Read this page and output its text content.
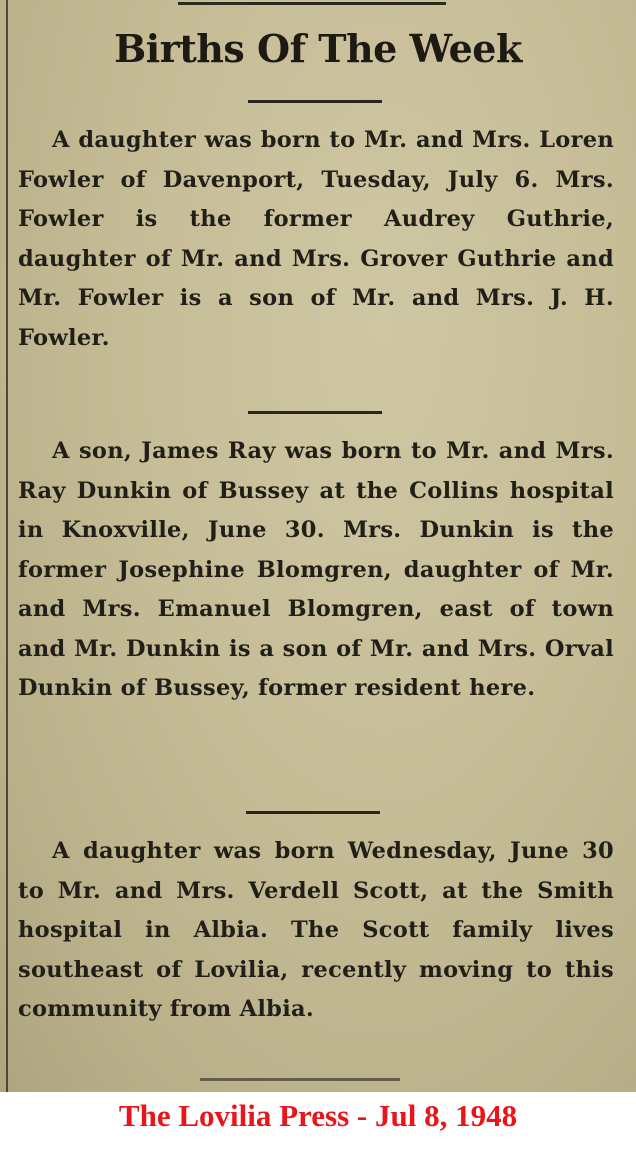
Births Of The Week

A daughter was born to Mr. and Mrs. Loren Fowler of Davenport, Tuesday, July 6. Mrs. Fowler is the former Audrey Guthrie, daughter of Mr. and Mrs. Grover Guthrie and Mr. Fowler is a son of Mr. and Mrs. J. H. Fowler.

A son, James Ray was born to Mr. and Mrs. Ray Dunkin of Bussey at the Collins hospital in Knoxville, June 30. Mrs. Dunkin is the former Josephine Blomgren, daughter of Mr. and Mrs. Emanuel Blomgren, east of town and Mr. Dunkin is a son of Mr. and Mrs. Orval Dunkin of Bussey, former resident here.

A daughter was born Wednesday, June 30 to Mr. and Mrs. Verdell Scott, at the Smith hospital in Albia. The Scott family lives southeast of Lovilia, recently moving to this community from Albia.

The Lovilia Press - Jul 8, 1948
